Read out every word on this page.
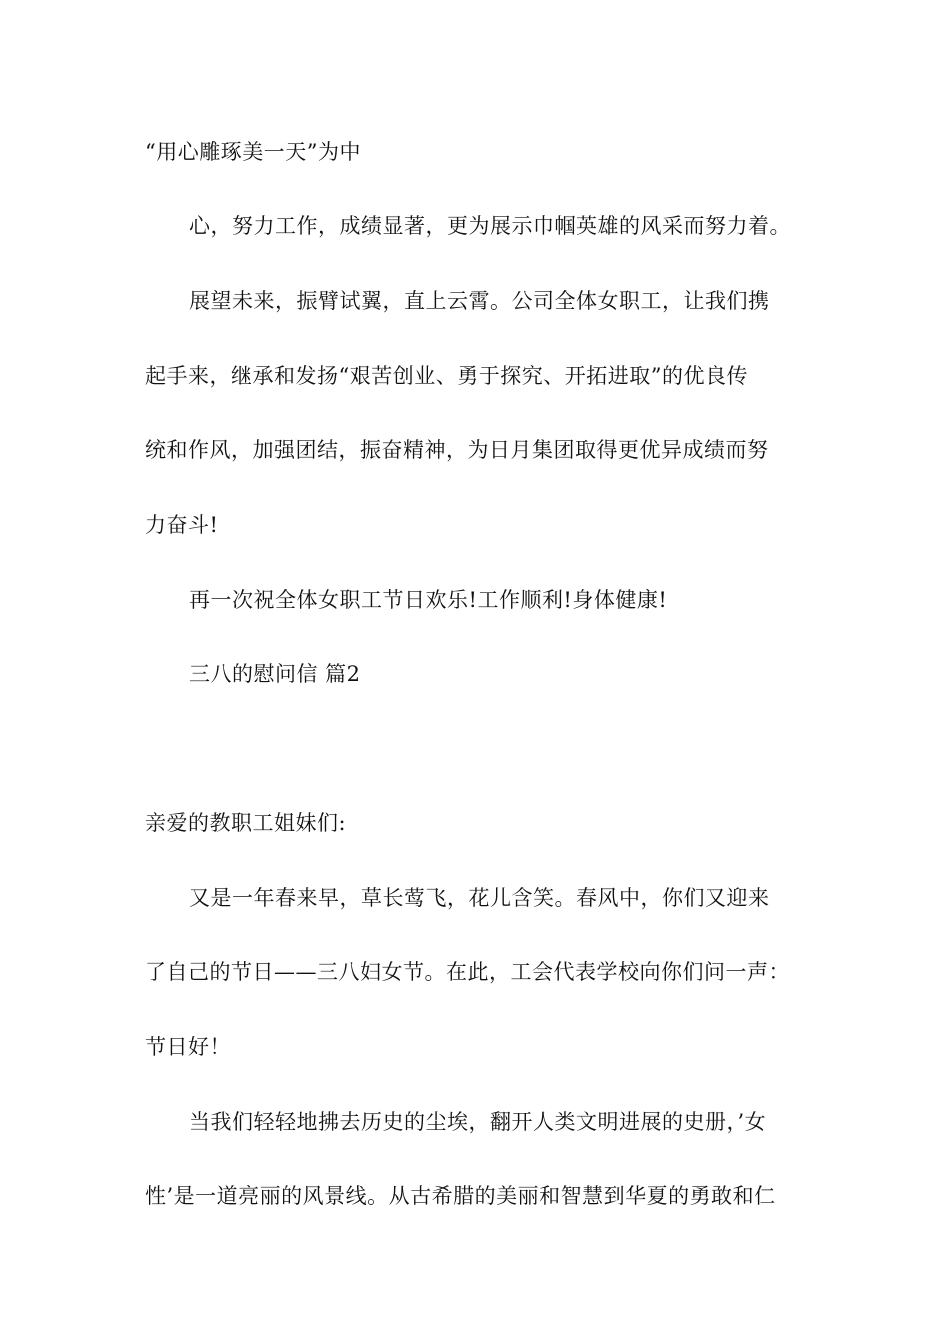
“用心雕琢美一天”为中
心，努力工作，成绩显著，更为展示巾帼英雄的风采而努力着。
展望未来，振臂试翼，直上云霄。公司全体女职工，让我们携
起手来，继承和发扬“艰苦创业、勇于探究、开拓进取”的优良传
统和作风，加强团结，振奋精神，为日月集团取得更优异成绩而努
力奋斗!
再一次祝全体女职工节日欢乐!工作顺利!身体健康!
三八的慰问信 篇2
亲爱的教职工姐妹们:
又是一年春来早，草长莺飞，花儿含笑。春风中，你们又迎来
了自己的节日——三八妇女节。在此，工会代表学校向你们问一声：
节日好！
当我们轻轻地拂去历史的尘埃，翻开人类文明进展的史册，’女
性’是一道亮丽的风景线。从古希腊的美丽和智慧到华夏的勇敢和仁
